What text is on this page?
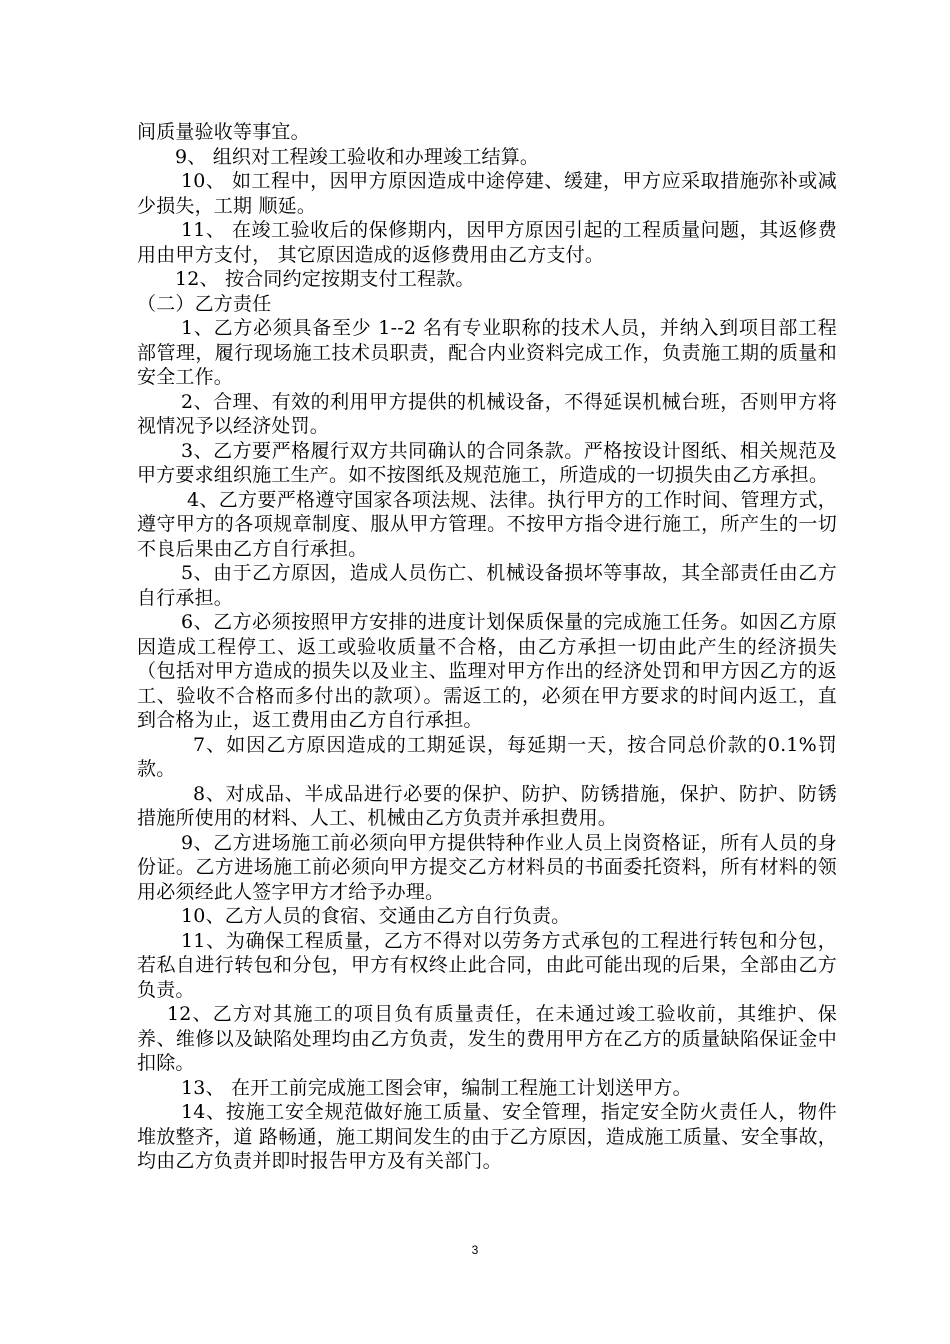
间质量验收等事宜。

9、 组织对工程竣工验收和办理竣工结算。

10、 如工程中，因甲方原因造成中途停建、缓建，甲方应采取措施弥补或减少损失，工期 顺延。

11、 在竣工验收后的保修期内，因甲方原因引起的工程质量问题，其返修费用由甲方支付， 其它原因造成的返修费用由乙方支付。

12、 按合同约定按期支付工程款。

（二）乙方责任

1、乙方必须具备至少 1--2 名有专业职称的技术人员，并纳入到项目部工程部管理，履行现场施工技术员职责，配合内业资料完成工作，负责施工期的质量和安全工作。

2、合理、有效的利用甲方提供的机械设备，不得延误机械台班，否则甲方将视情况予以经济处罚。

3、乙方要严格履行双方共同确认的合同条款。严格按设计图纸、相关规范及甲方要求组织施工生产。如不按图纸及规范施工，所造成的一切损失由乙方承担。

4、乙方要严格遵守国家各项法规、法律。执行甲方的工作时间、管理方式，遵守甲方的各项规章制度、服从甲方管理。不按甲方指令进行施工，所产生的一切不良后果由乙方自行承担。

5、由于乙方原因，造成人员伤亡、机械设备损坏等事故，其全部责任由乙方自行承担。

6、乙方必须按照甲方安排的进度计划保质保量的完成施工任务。如因乙方原因造成工程停工、返工或验收质量不合格，由乙方承担一切由此产生的经济损失（包括对甲方造成的损失以及业主、监理对甲方作出的经济处罚和甲方因乙方的返工、验收不合格而多付出的款项）。需返工的，必须在甲方要求的时间内返工，直到合格为止，返工费用由乙方自行承担。

7、如因乙方原因造成的工期延误，每延期一天，按合同总价款的0.1%罚款。

8、对成品、半成品进行必要的保护、防护、防锈措施，保护、防护、防锈措施所使用的材料、人工、机械由乙方负责并承担费用。

9、乙方进场施工前必须向甲方提供特种作业人员上岗资格证，所有人员的身份证。乙方进场施工前必须向甲方提交乙方材料员的书面委托资料，所有材料的领用必须经此人签字甲方才给予办理。

10、乙方人员的食宿、交通由乙方自行负责。

11、为确保工程质量，乙方不得对以劳务方式承包的工程进行转包和分包，若私自进行转包和分包，甲方有权终止此合同，由此可能出现的后果，全部由乙方负责。

12、乙方对其施工的项目负有质量责任，在未通过竣工验收前，其维护、保养、维修以及缺陷处理均由乙方负责，发生的费用甲方在乙方的质量缺陷保证金中扣除。

13、 在开工前完成施工图会审，编制工程施工计划送甲方。

14、按施工安全规范做好施工质量、安全管理，指定安全防火责任人，物件堆放整齐，道 路畅通，施工期间发生的由于乙方原因，造成施工质量、安全事故，均由乙方负责并即时报告甲方及有关部门。

3
